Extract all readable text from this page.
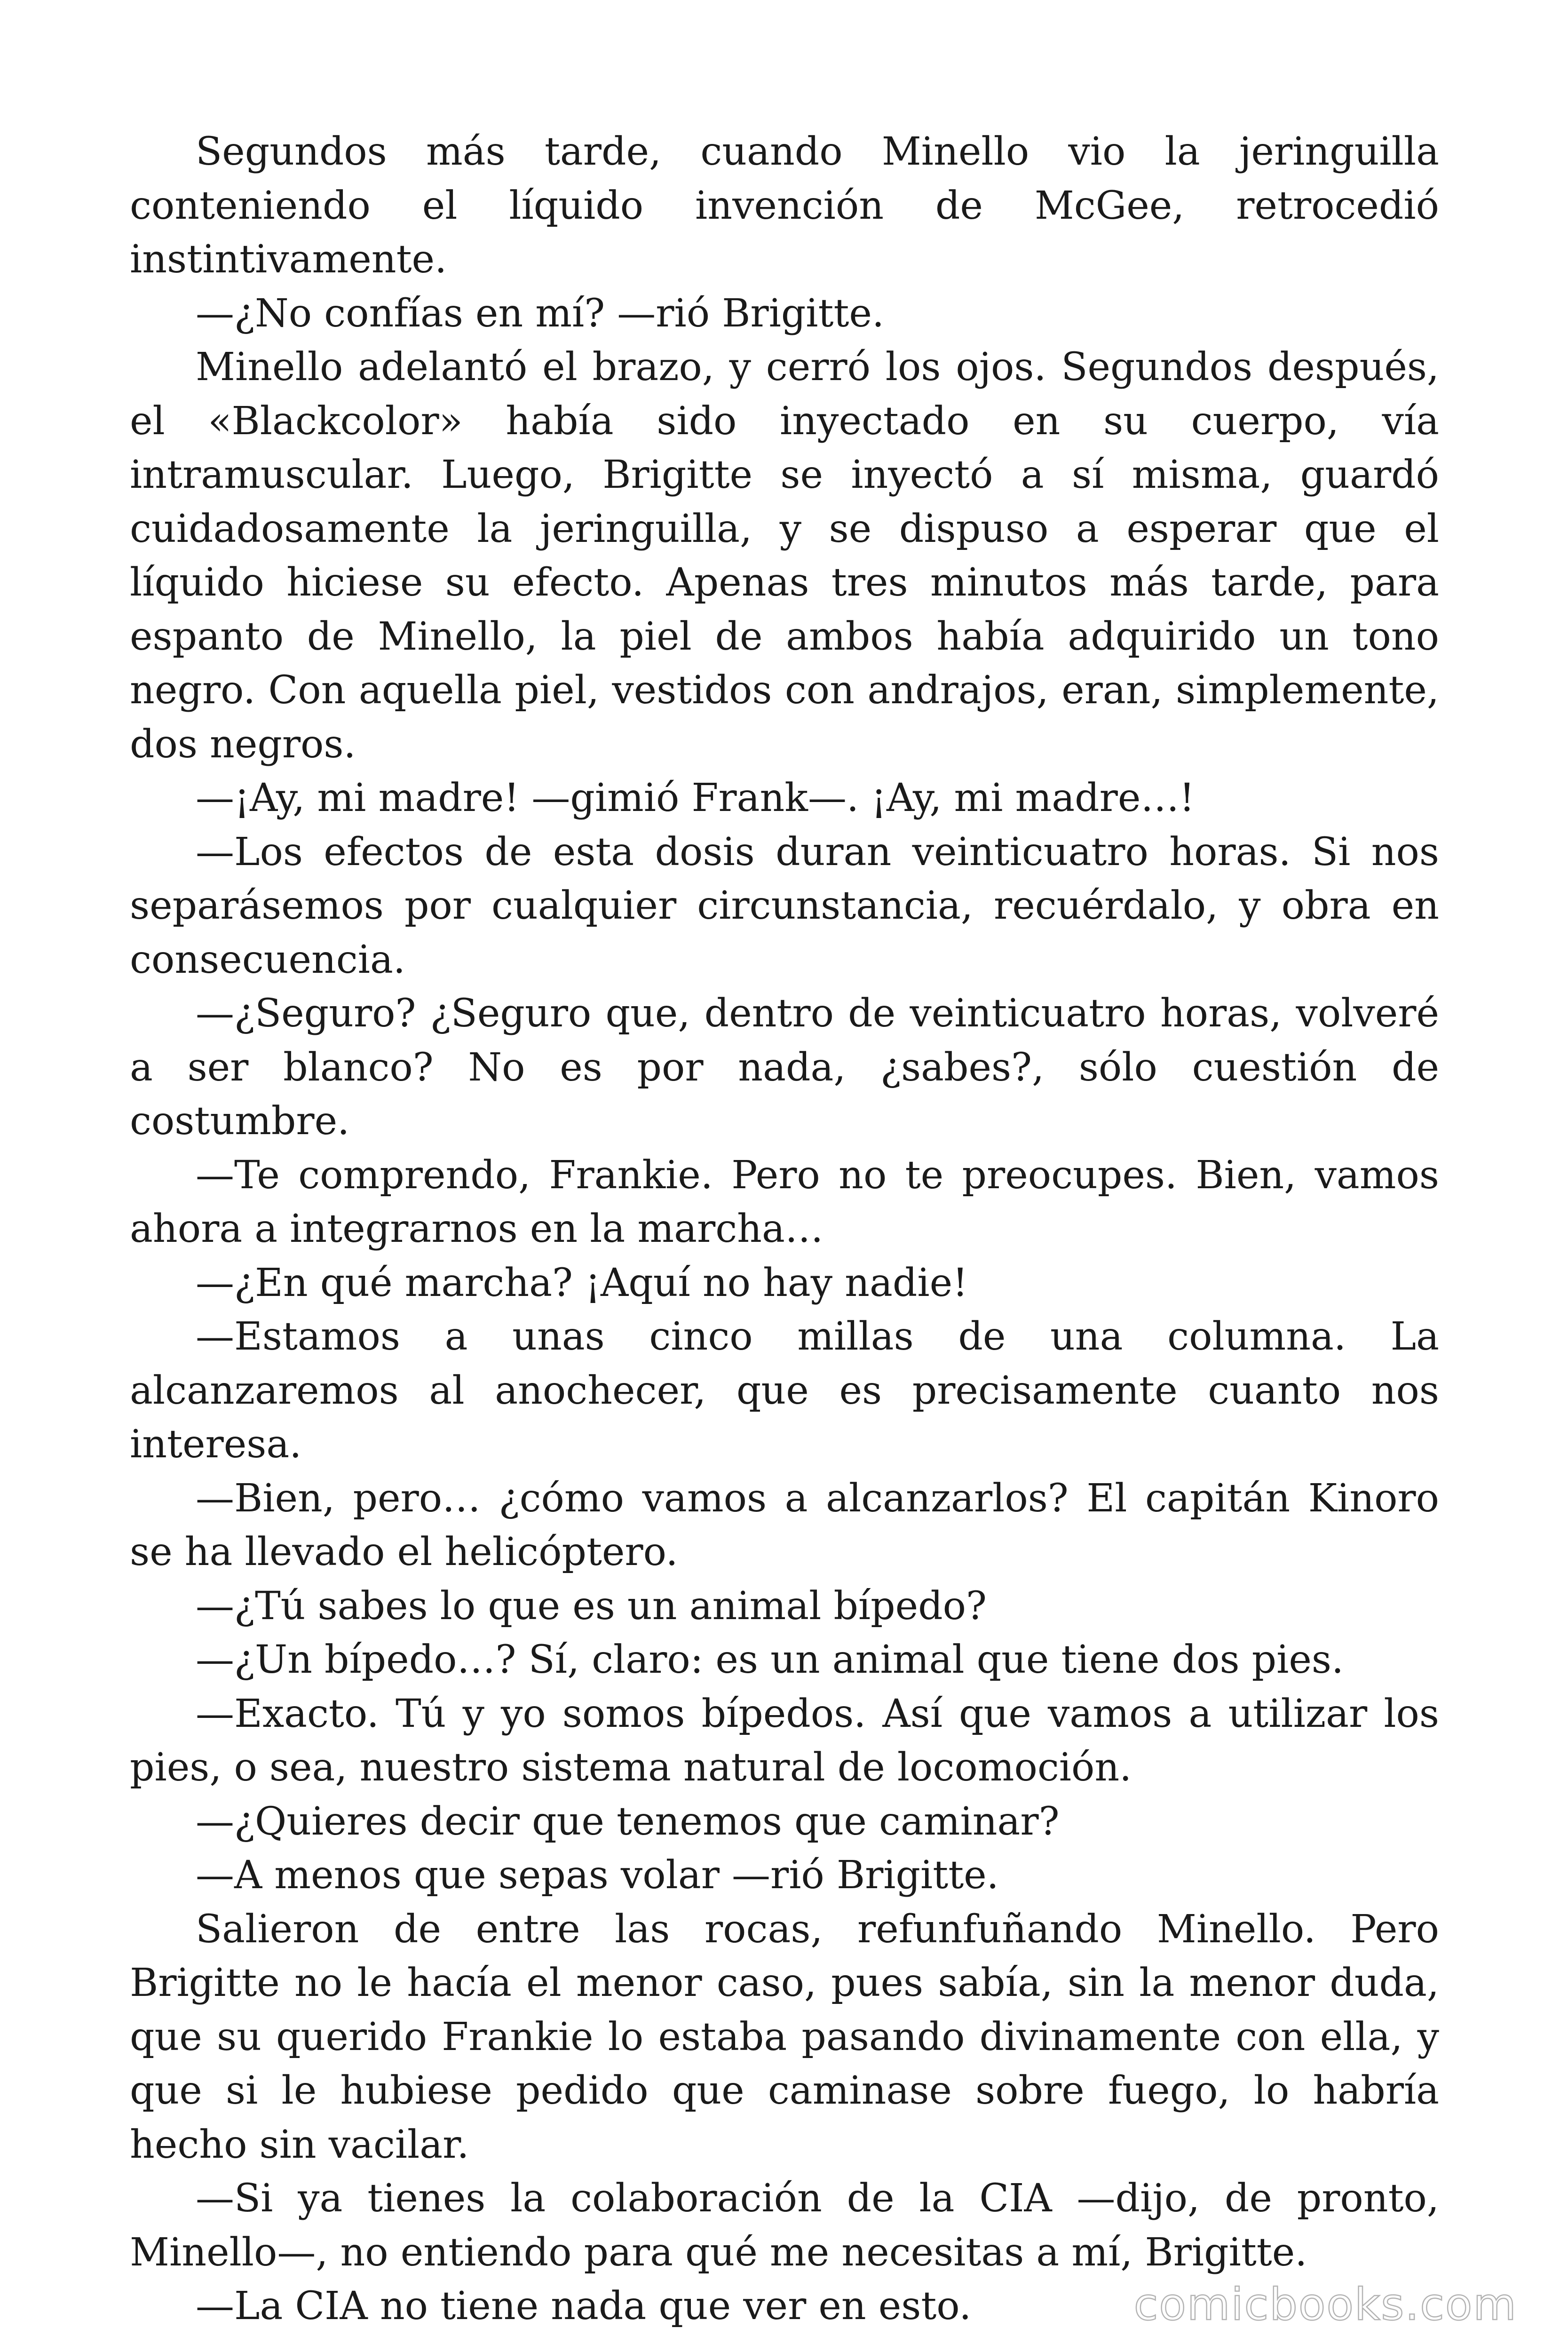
Segundos más tarde, cuando Minello vio la jeringuilla conteniendo el líquido invención de McGee, retrocedió instintivamente.

—¿No confías en mí? —rió Brigitte.

Minello adelantó el brazo, y cerró los ojos. Segundos después, el «Blackcolor» había sido inyectado en su cuerpo, vía intramuscular. Luego, Brigitte se inyectó a sí misma, guardó cuidadosamente la jeringuilla, y se dispuso a esperar que el líquido hiciese su efecto. Apenas tres minutos más tarde, para espanto de Minello, la piel de ambos había adquirido un tono negro. Con aquella piel, vestidos con andrajos, eran, simplemente, dos negros.

—¡Ay, mi madre! —gimió Frank—. ¡Ay, mi madre…!

—Los efectos de esta dosis duran veinticuatro horas. Si nos separásemos por cualquier circunstancia, recuérdalo, y obra en consecuencia.

—¿Seguro? ¿Seguro que, dentro de veinticuatro horas, volveré a ser blanco? No es por nada, ¿sabes?, sólo cuestión de costumbre.

—Te comprendo, Frankie. Pero no te preocupes. Bien, vamos ahora a integrarnos en la marcha…

—¿En qué marcha? ¡Aquí no hay nadie!

—Estamos a unas cinco millas de una columna. La alcanzaremos al anochecer, que es precisamente cuanto nos interesa.

—Bien, pero… ¿cómo vamos a alcanzarlos? El capitán Kinoro se ha llevado el helicóptero.

—¿Tú sabes lo que es un animal bípedo?

—¿Un bípedo…? Sí, claro: es un animal que tiene dos pies.

—Exacto. Tú y yo somos bípedos. Así que vamos a utilizar los pies, o sea, nuestro sistema natural de locomoción.

—¿Quieres decir que tenemos que caminar?

—A menos que sepas volar —rió Brigitte.

Salieron de entre las rocas, refunfuñando Minello. Pero Brigitte no le hacía el menor caso, pues sabía, sin la menor duda, que su querido Frankie lo estaba pasando divinamente con ella, y que si le hubiese pedido que caminase sobre fuego, lo habría hecho sin vacilar.

—Si ya tienes la colaboración de la CIA —dijo, de pronto, Minello—, no entiendo para qué me necesitas a mí, Brigitte.

—La CIA no tiene nada que ver en esto.	comicbooks.com
